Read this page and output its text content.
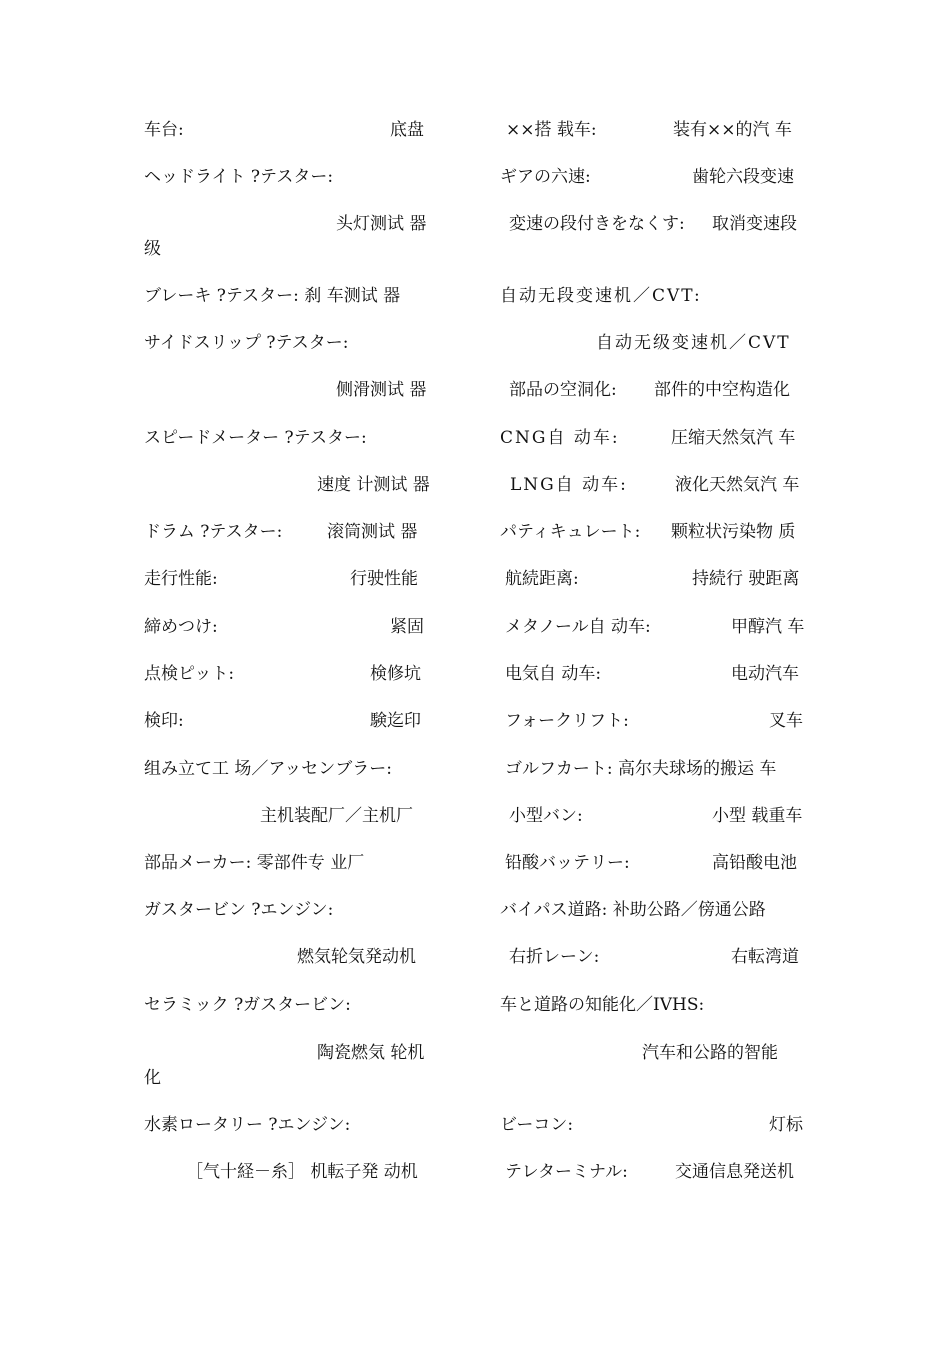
车台:	底盘
ヘッドライト ?テスター:
头灯测试 器
级
ブレーキ ?テスター: 刹 车测试 器
サイドスリップ ?テスター:
侧滑测试 器
スピードメーター ?テスター:
速度 计测试 器
ドラム ?テスター:	滚筒测试 器
走行性能:	行驶性能
締めつけ:	紧固
点検ピット:	検修坑
検印:	験迄印
组み立て工 场／アッセンブラー:
主机装配厂／主机厂
部品メーカー: 零部件专 业厂
ガスタービン ?エンジン:
燃気轮気発动机
セラミック ?ガスタービン:
陶瓷燃気 轮机
化
水素ロータリー ?エンジン:
［气十経－糸］ 机転子発 动机
××搭 载车:	装有××的汽 车
ギアの六速:	歯轮六段变速
変速の段付きをなくす: 取消变速段
自动无段变速机／CVT:
自动无级变速机／CVT
部品の空洞化: 部件的中空构造化
CNG自 动车:	圧缩天然気汽 车
LNG自 动车:	液化天然気汽 车
パティキュレート: 颗粒状污染物 质
航続距离:	持続行 驶距离
メタノール自 动车:	甲醇汽 车
电気自 动车:	电动汽车
フォークリフト:	叉车
ゴルフカート: 高尔夫球场的搬运 车
小型バン:	小型 载重车
铅酸バッテリー:	高铅酸电池
バイパス道路: 补助公路／傍通公路
右折レーン:	右転湾道
车と道路の知能化／IVHS:
汽车和公路的智能
ビーコン:	灯标
テレターミナル:	交通信息発送机
